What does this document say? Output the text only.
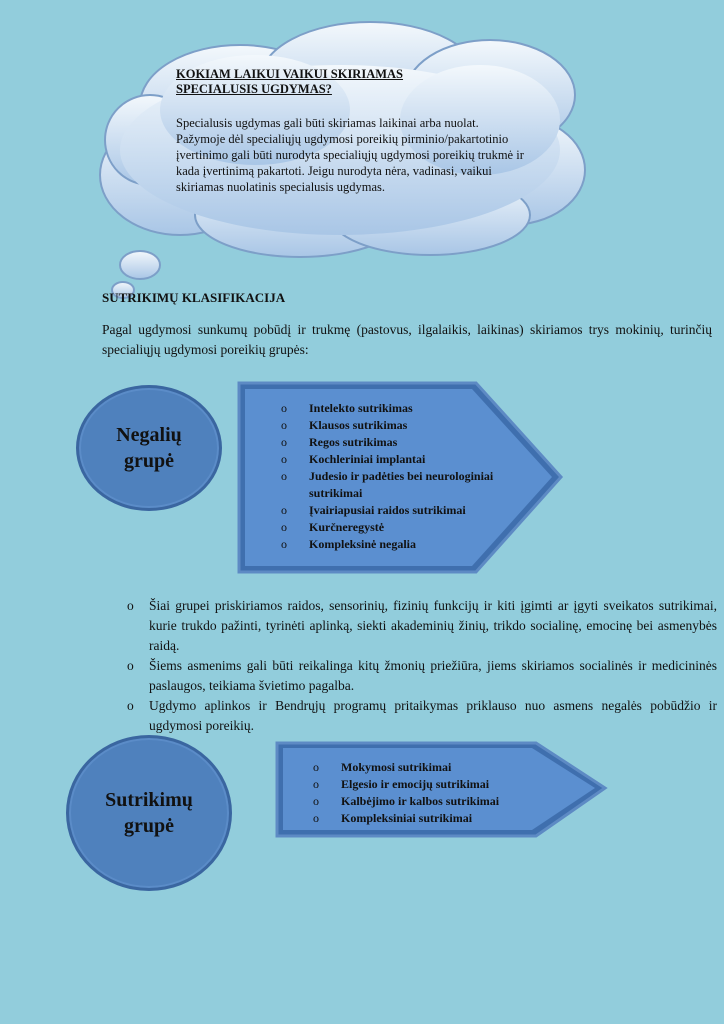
KOKIAM LAIKUI VAIKUI SKIRIAMAS SPECIALUSIS UGDYMAS?
Specialusis ugdymas gali būti skiriamas laikinai arba nuolat. Pažymoje dėl specialiųjų ugdymosi poreikių pirminio/pakartotinio įvertinimo gali būti nurodyta specialiųjų ugdymosi poreikių trukmė ir kada įvertinimą pakartoti. Jeigu nurodyta nėra, vadinasi, vaikui skiriamas nuolatinis specialusis ugdymas.
SUTRIKIMŲ KLASIFIKACIJA
Pagal ugdymosi sunkumų pobūdį ir trukmę (pastovus, ilgalaikis, laikinas) skiriamos trys mokinių, turinčių specialiųjų ugdymosi poreikių grupės:
Negalių
grupė
o Intelekto sutrikimas
o Klausos sutrikimas
o Regos sutrikimas
o Kochleriniai implantai
o Judesio ir padėties bei neurologiniai sutrikimai
o Įvairiapusiai raidos sutrikimai
o Kurčneregystė
o Kompleksinė negalia
o Šiai grupei priskiriamos raidos, sensorinių, fizinių funkcijų ir kiti įgimti ar įgyti sveikatos sutrikimai, kurie trukdo pažinti, tyrinėti aplinką, siekti akademinių žinių, trikdo socialinę, emocinę bei asmenybės raidą.
o Šiems asmenims gali būti reikalinga kitų žmonių priežiūra, jiems skiriamos socialinės ir medicininės paslaugos, teikiama švietimo pagalba.
o Ugdymo aplinkos ir Bendrųjų programų pritaikymas priklauso nuo asmens negalės pobūdžio ir ugdymosi poreikių.
Sutrikimų
grupė
o Mokymosi sutrikimai
o Elgesio ir emocijų sutrikimai
o Kalbėjimo ir kalbos sutrikimai
o Kompleksiniai sutrikimai
